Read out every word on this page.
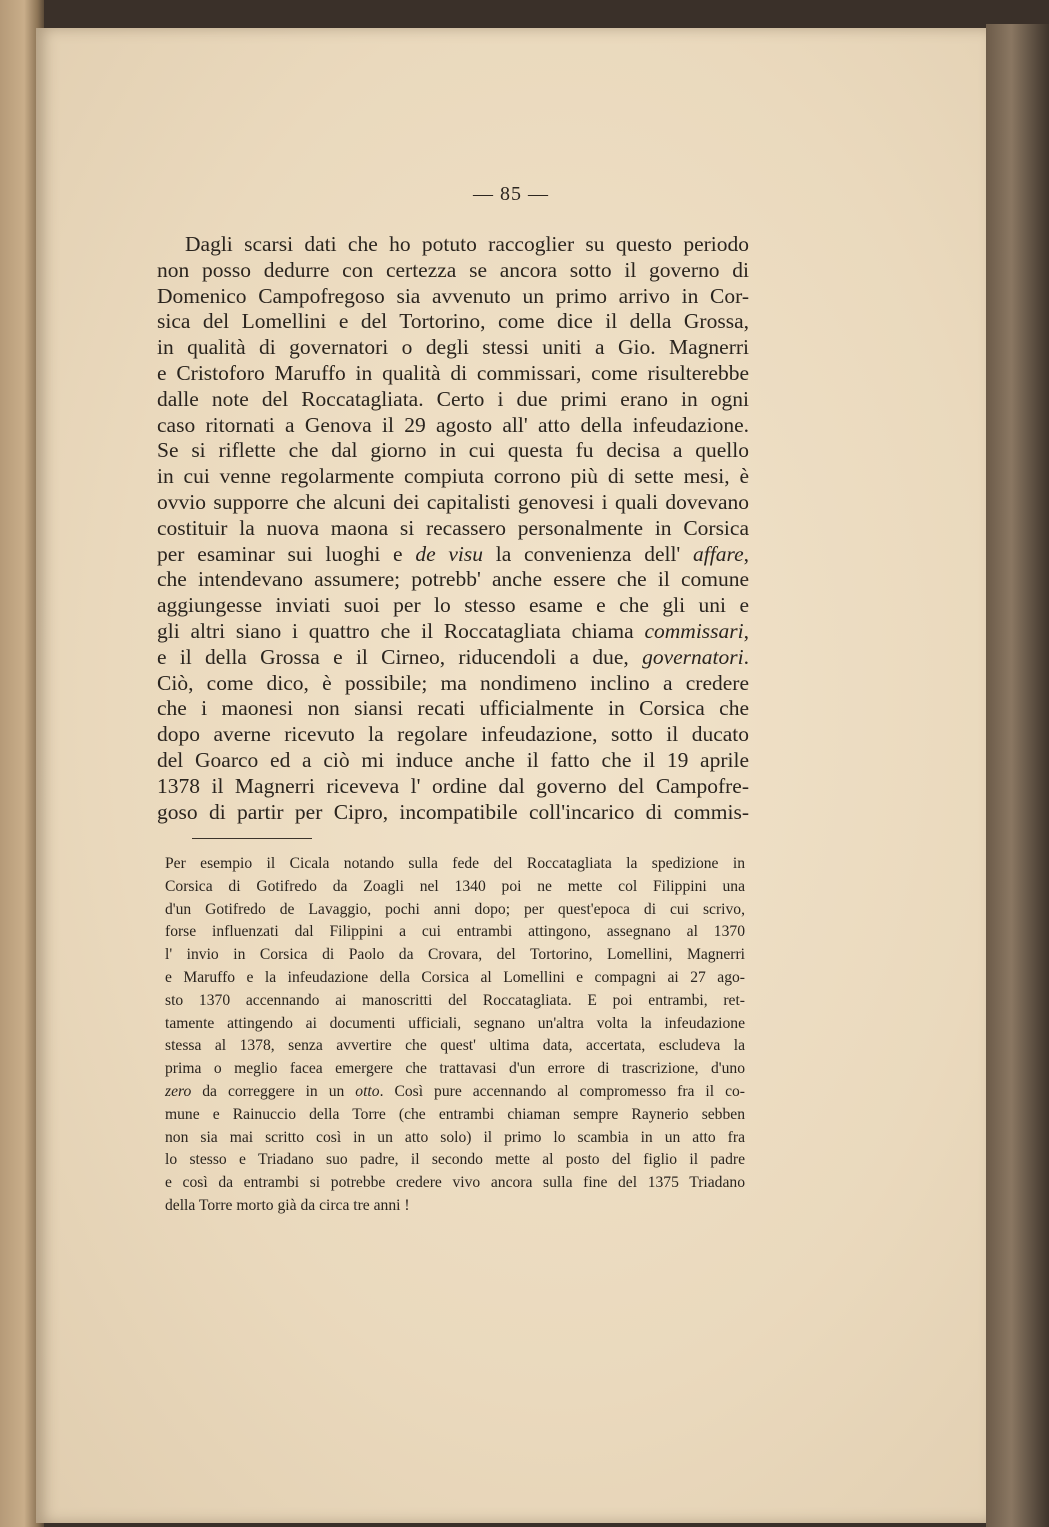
— 85 —
Dagli scarsi dati che ho potuto raccoglier su questo periodo
non posso dedurre con certezza se ancora sotto il governo di
Domenico Campofregoso sia avvenuto un primo arrivo in Cor-
sica del Lomellini e del Tortorino, come dice il della Grossa,
in qualità di governatori o degli stessi uniti a Gio. Magnerri
e Cristoforo Maruffo in qualità di commissari, come risulterebbe
dalle note del Roccatagliata. Certo i due primi erano in ogni
caso ritornati a Genova il 29 agosto all' atto della infeudazione.
Se si riflette che dal giorno in cui questa fu decisa a quello
in cui venne regolarmente compiuta corrono più di sette mesi, è
ovvio supporre che alcuni dei capitalisti genovesi i quali dovevano
costituir la nuova maona si recassero personalmente in Corsica
per esaminar sui luoghi e de visu la convenienza dell' affare,
che intendevano assumere; potrebb' anche essere che il comune
aggiungesse inviati suoi per lo stesso esame e che gli uni e
gli altri siano i quattro che il Roccatagliata chiama commissari,
e il della Grossa e il Cirneo, riducendoli a due, governatori.
Ciò, come dico, è possibile; ma nondimeno inclino a credere
che i maonesi non siansi recati ufficialmente in Corsica che
dopo averne ricevuto la regolare infeudazione, sotto il ducato
del Goarco ed a ciò mi induce anche il fatto che il 19 aprile
1378 il Magnerri riceveva l' ordine dal governo del Campofre-
goso di partir per Cipro, incompatibile coll'incarico di commis-
Per esempio il Cicala notando sulla fede del Roccatagliata la spedizione in
Corsica di Gotifredo da Zoagli nel 1340 poi ne mette col Filippini una
d'un Gotifredo de Lavaggio, pochi anni dopo; per quest'epoca di cui scrivo,
forse influenzati dal Filippini a cui entrambi attingono, assegnano al 1370
l' invio in Corsica di Paolo da Crovara, del Tortorino, Lomellini, Magnerri
e Maruffo e la infeudazione della Corsica al Lomellini e compagni ai 27 ago-
sto 1370 accennando ai manoscritti del Roccatagliata. E poi entrambi, ret-
tamente attingendo ai documenti ufficiali, segnano un'altra volta la infeudazione
stessa al 1378, senza avvertire che quest' ultima data, accertata, escludeva la
prima o meglio facea emergere che trattavasi d'un errore di trascrizione, d'uno
zero da correggere in un otto. Così pure accennando al compromesso fra il co-
mune e Rainuccio della Torre (che entrambi chiaman sempre Raynerio sebben
non sia mai scritto così in un atto solo) il primo lo scambia in un atto fra
lo stesso e Triadano suo padre, il secondo mette al posto del figlio il padre
e così da entrambi si potrebbe credere vivo ancora sulla fine del 1375 Triadano
della Torre morto già da circa tre anni !
